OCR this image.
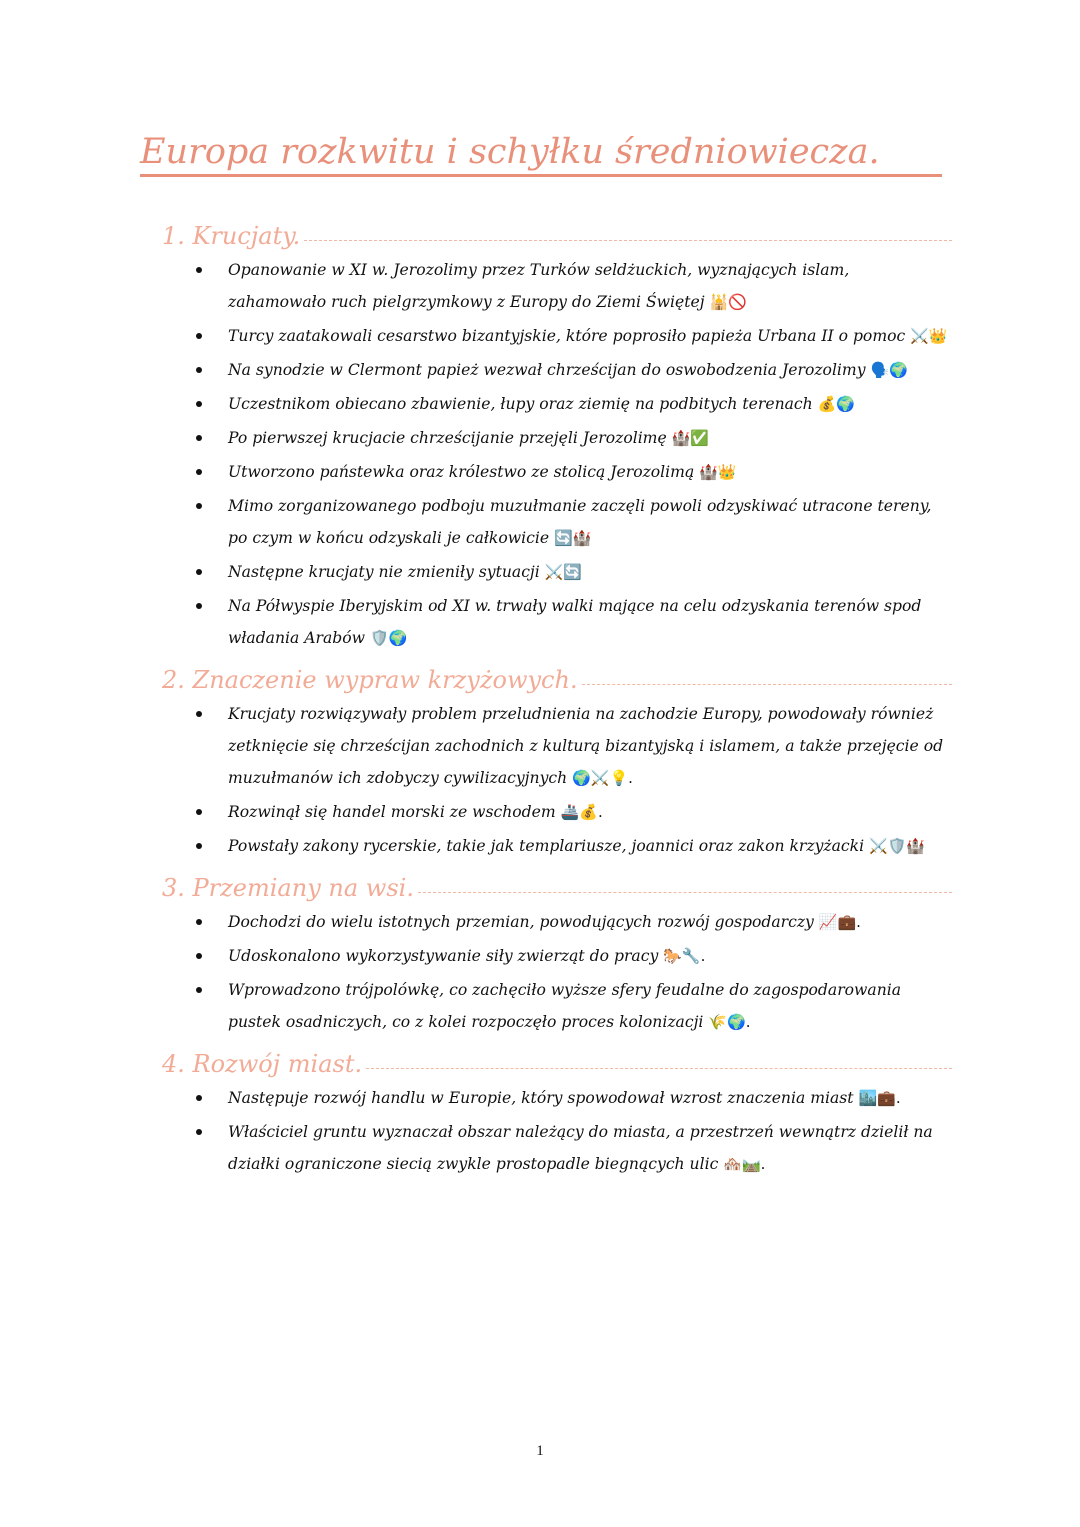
Europa rozkwitu i schyłku średniowiecza.
1. Krucjaty.
Opanowanie w XI w. Jerozolimy przez Turków seldżuckich, wyznających islam, zahamowało ruch pielgrzymkowy z Europy do Ziemi Świętej 🕌🚫
Turcy zaatakowali cesarstwo bizantyjskie, które poprosiło papieża Urbana II o pomoc ⚔️👑
Na synodzie w Clermont papież wezwał chrześcijan do oswobodzenia Jerozolimy 🗣️🌍
Uczestnikom obiecano zbawienie, łupy oraz ziemię na podbitych terenach 💰🌍
Po pierwszej krucjacie chrześcijanie przejęli Jerozolimę 🏰✅
Utworzono państewka oraz królestwo ze stolicą Jerozolimą 🏰👑
Mimo zorganizowanego podboju muzułmanie zaczęli powoli odzyskiwać utracone tereny, po czym w końcu odzyskali je całkowicie 🔄🏰
Następne krucjaty nie zmieniły sytuacji ⚔️🔄
Na Półwyspie Iberyjskim od XI w. trwały walki mające na celu odzyskania terenów spod władania Arabów 🛡️🌍
2. Znaczenie wypraw krzyżowych.
Krucjaty rozwiązywały problem przeludnienia na zachodzie Europy, powodowały również zetknięcie się chrześcijan zachodnich z kulturą bizantyjską i islamem, a także przejęcie od muzułmanów ich zdobyczy cywilizacyjnych 🌍⚔️💡.
Rozwinął się handel morski ze wschodem 🚢💰.
Powstały zakony rycerskie, takie jak templariusze, joannici oraz zakon krzyżacki ⚔️🛡️🏰
3. Przemiany na wsi.
Dochodzi do wielu istotnych przemian, powodujących rozwój gospodarczy 📈💼.
Udoskonalono wykorzystywanie siły zwierząt do pracy 🐎🔧.
Wprowadzono trójpolówkę, co zachęciło wyższe sfery feudalne do zagospodarowania pustek osadniczych, co z kolei rozpoczęło proces kolonizacji 🌾🌍.
4. Rozwój miast.
Następuje rozwój handlu w Europie, który spowodował wzrost znaczenia miast 🏙️💼.
Właściciel gruntu wyznaczał obszar należący do miasta, a przestrzeń wewnątrz dzielił na działki ograniczone siecią zwykle prostopadle biegnących ulic 🏘️🛤️.
1
